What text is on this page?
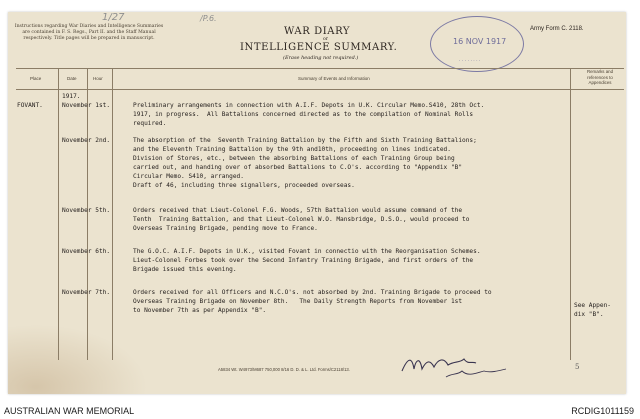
1/27	/P.6.
Instructions regarding War Diaries and Intelligence Summaries are contained in F. S. Regs., Part II. and the Staff Manual respectively. Title pages will be prepared in manuscript.
WAR DIARY
or
INTELLIGENCE SUMMARY.
(Erase heading not required.)
Army Form C. 2118.
16 NOV 1917
· · · · · · · ·
Place	Date	Hour	Summary of Events and Information
Remarks and references to Appendices
FOVANT.
1917.
November 1st.	Preliminary arrangements in connection with A.I.F. Depots in U.K. Circular Memo.S410, 28th Oct.
1917, in progress.  All Battalions concerned directed as to the compilation of Nominal Rolls
required.
November 2nd.	The absorption of the  Seventh Training Battalion by the Fifth and Sixth Training Battalions;
and the Eleventh Training Battalion by the 9th and10th, proceeding on lines indicated.
Division of Stores, etc., between the absorbing Battalions of each Training Group being
carried out, and handing over of absorbed Battalions to C.O's. according to "Appendix "B"
Circular Memo. S410, arranged.
Draft of 46, including three signallers, proceeded overseas.
November 5th.	Orders received that Lieut-Colonel F.G. Woods, 57th Battalion would assume command of the
Tenth  Training Battalion, and that Lieut-Colonel W.O. Mansbridge, D.S.O., would proceed to
Overseas Training Brigade, pending move to France.
November 6th.	The G.O.C. A.I.F. Depots in U.K., visited Fovant in connectio with the Reorganisation Schemes.
Lieut-Colonel Forbes took over the Second Infantry Training Brigade, and first orders of the
Brigade issued this evening.
November 7th.	Orders received for all Officers and N.C.O's. not absorbed by 2nd. Training Brigade to proceed to
Overseas Training Brigade on November 8th.   The Daily Strength Reports from November 1st
to November 7th as per Appendix "B".
See Appen-
dix "B".
A5834 Wt. W4973/M687 750,000 8/16 D. D. & L. Ltd. Forms/C2118/13.	5
AUSTRALIAN WAR MEMORIAL	RCDIG1011159
